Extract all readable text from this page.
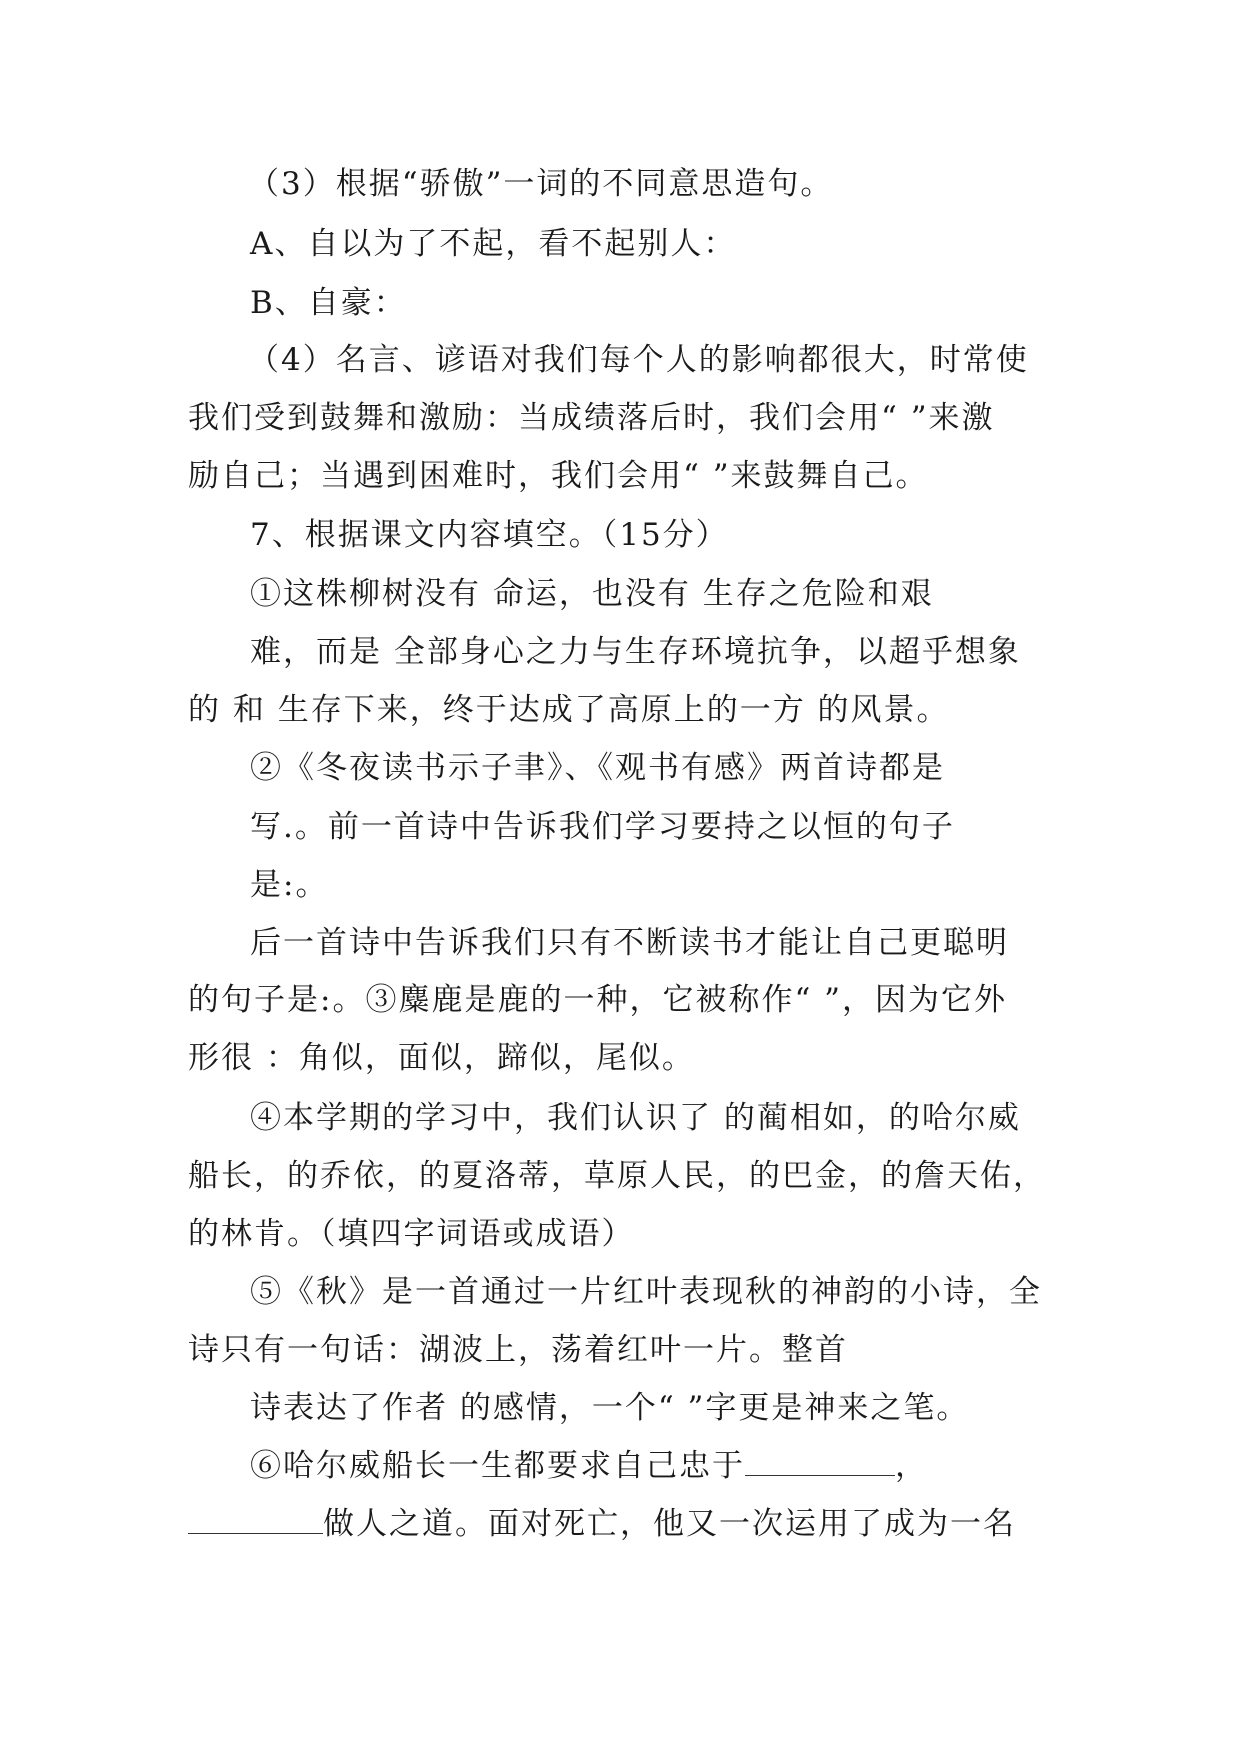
（3）根据“骄傲”一词的不同意思造句。
A、自以为了不起，看不起别人：
B、自豪：
（4）名言、谚语对我们每个人的影响都很大，时常使
我们受到鼓舞和激励：当成绩落后时，我们会用“ ”来激
励自己；当遇到困难时，我们会用“ ”来鼓舞自己。
7、根据课文内容填空。（15分）
①这株柳树没有 命运，也没有 生存之危险和艰
难，而是 全部身心之力与生存环境抗争，以超乎想象
的 和 生存下来，终于达成了高原上的一方 的风景。
②《冬夜读书示子聿》、《观书有感》两首诗都是
写.。前一首诗中告诉我们学习要持之以恒的句子
是:。
后一首诗中告诉我们只有不断读书才能让自己更聪明
的句子是:。③麋鹿是鹿的一种，它被称作“ ”，因为它外
形很 ：角似，面似，蹄似，尾似。
④本学期的学习中，我们认识了 的蔺相如，的哈尔威
船长，的乔依，的夏洛蒂，草原人民，的巴金，的詹天佑，
的林肯。（填四字词语或成语）
⑤《秋》是一首通过一片红叶表现秋的神韵的小诗，全
诗只有一句话：湖波上，荡着红叶一片。整首
诗表达了作者 的感情，一个“ ”字更是神来之笔。
⑥哈尔威船长一生都要求自己忠于	，
做人之道。面对死亡，他又一次运用了成为一名
